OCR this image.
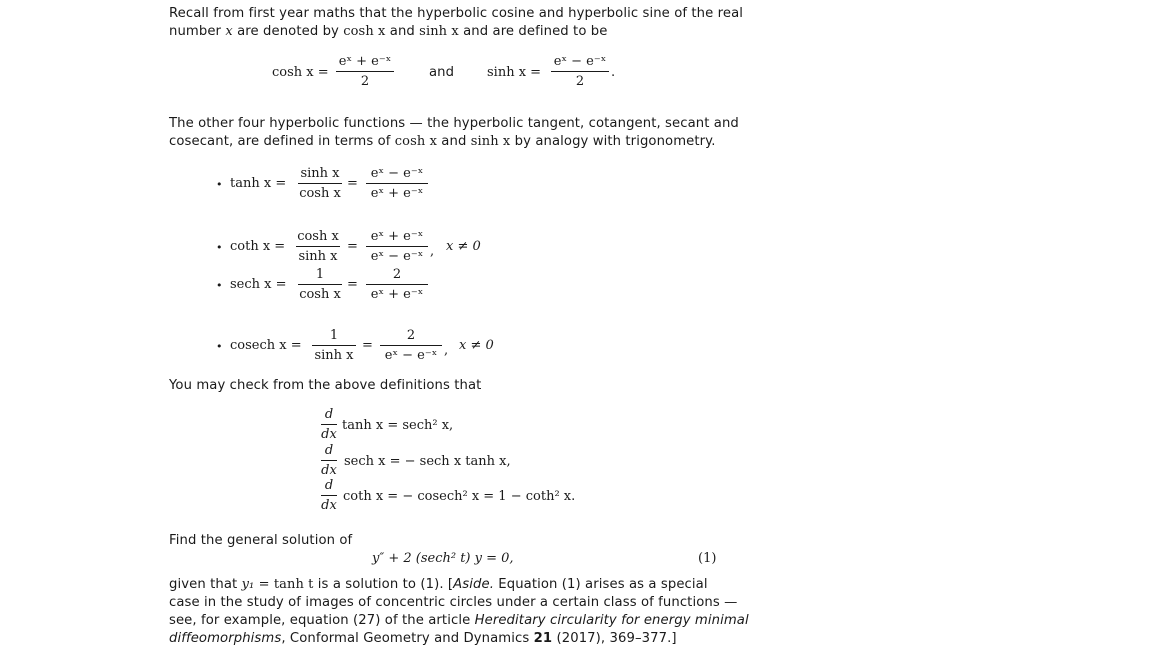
Recall from first year maths that the hyperbolic cosine and hyperbolic sine of the real
number x are denoted by cosh x and sinh x and are defined to be
cosh x =
eˣ + e⁻ˣ
2
and	sinh x =
eˣ − e⁻ˣ
2
.
The other four hyperbolic functions — the hyperbolic tangent, cotangent, secant and
cosecant, are defined in terms of cosh x and sinh x by analogy with trigonometry.
• tanh x =
sinh x
cosh x
=
eˣ − e⁻ˣ
eˣ + e⁻ˣ
• coth x =
cosh x
sinh x
=
eˣ + e⁻ˣ
eˣ − e⁻ˣ , x ≠ 0
• sech x =
1
cosh x
=
2
eˣ + e⁻ˣ
• cosech x =
1
sinh x
=
2
eˣ − e⁻ˣ , x ≠ 0
You may check from the above definitions that
d
dx
tanh x = sech² x,
d
dx
sech x = − sech x tanh x,
d
dx
coth x = − cosech² x = 1 − coth² x.
Find the general solution of
y″ + 2 (sech² t) y = 0,	(1)
given that y₁ = tanh t is a solution to (1). [Aside. Equation (1) arises as a special
case in the study of images of concentric circles under a certain class of functions —
see, for example, equation (27) of the article Hereditary circularity for energy minimal
diffeomorphisms, Conformal Geometry and Dynamics 21 (2017), 369–377.]
